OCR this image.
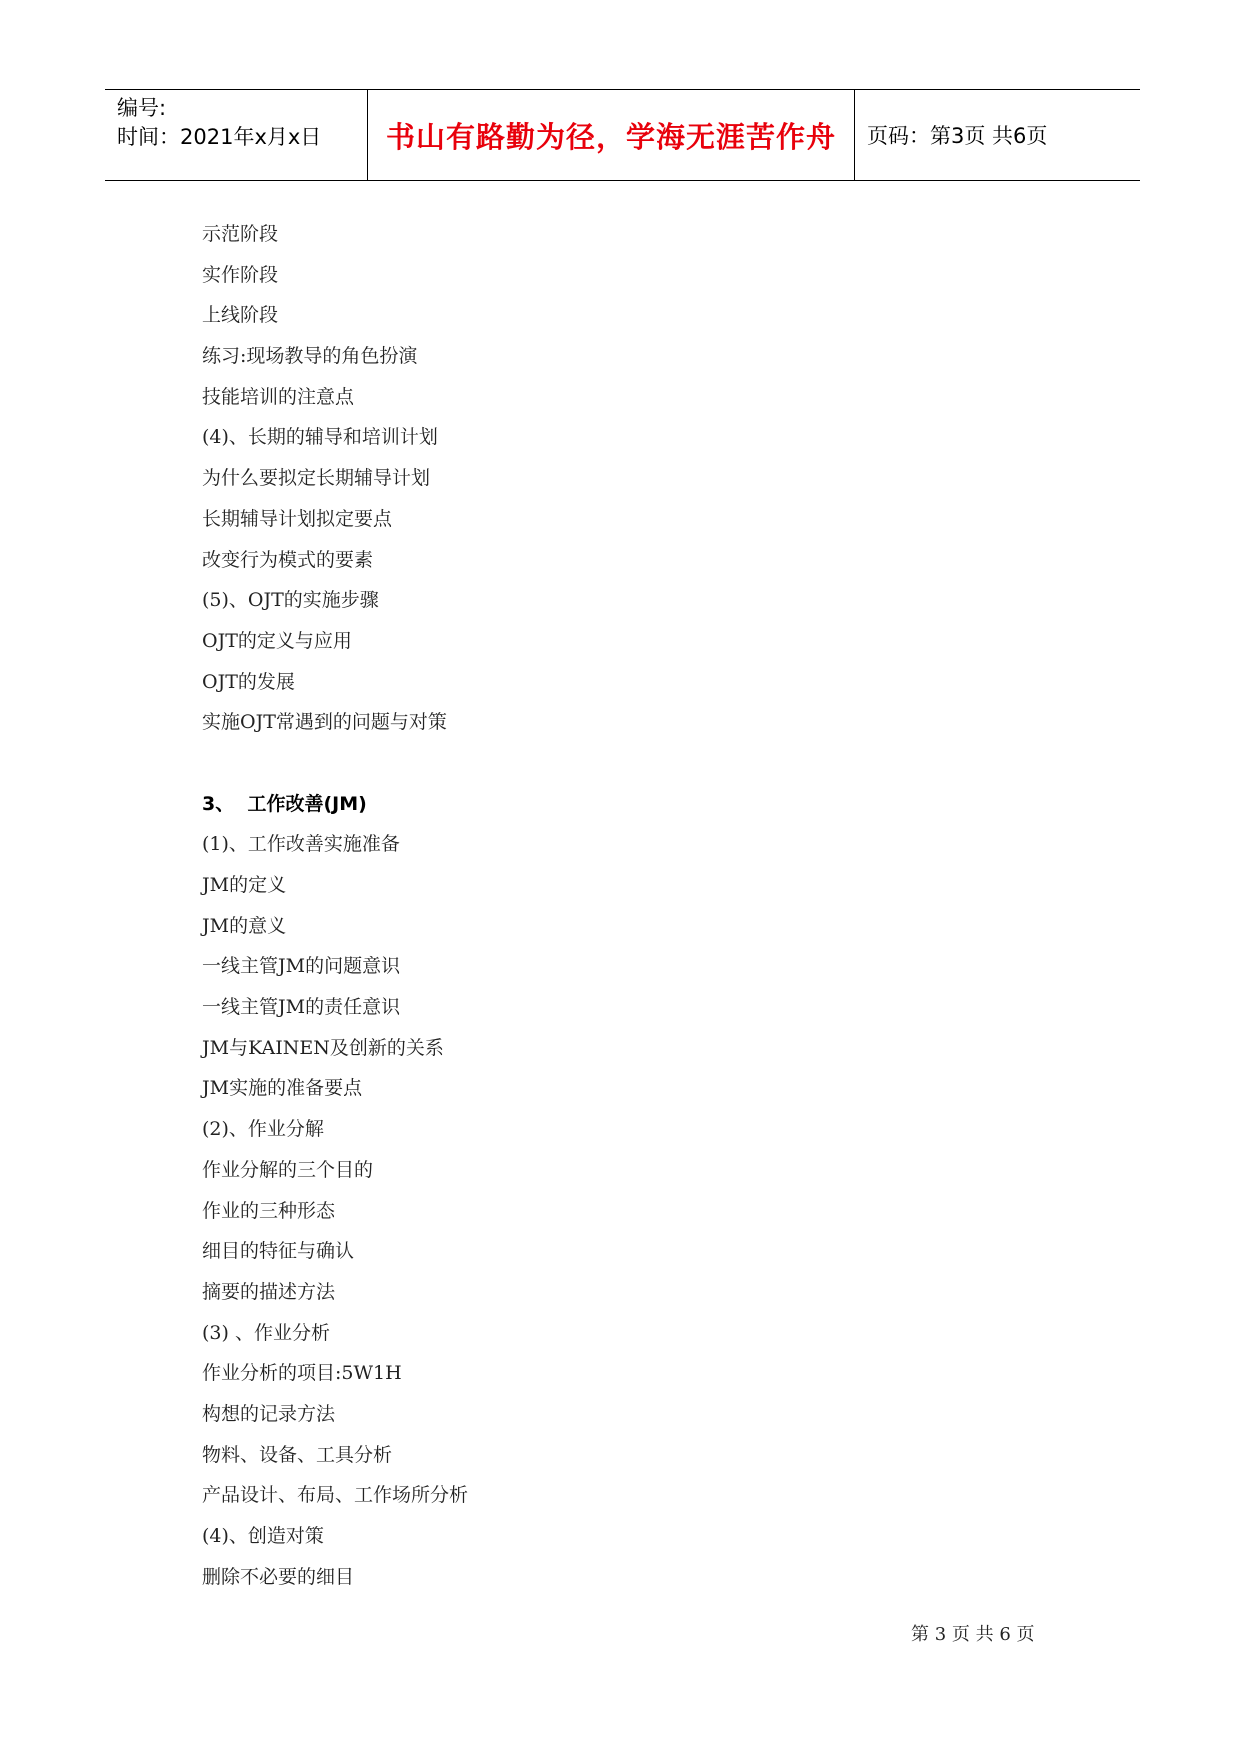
编号:
时间：2021年x月x日	书山有路勤为径，学海无涯苦作舟 页码：第3页 共6页
示范阶段
实作阶段
上线阶段
练习:现场教导的角色扮演
技能培训的注意点
(4)、长期的辅导和培训计划
为什么要拟定长期辅导计划
长期辅导计划拟定要点
改变行为模式的要素
(5)、OJT的实施步骤
OJT的定义与应用
OJT的发展
实施OJT常遇到的问题与对策
3、  工作改善(JM)
(1)、工作改善实施准备
JM的定义
JM的意义
一线主管JM的问题意识
一线主管JM的责任意识
JM与KAINEN及创新的关系
JM实施的准备要点
(2)、作业分解
作业分解的三个目的
作业的三种形态
细目的特征与确认
摘要的描述方法
(3) 、作业分析
作业分析的项目:5W1H
构想的记录方法
物料、设备、工具分析
产品设计、布局、工作场所分析
(4)、创造对策
删除不必要的细目
第 3 页 共 6 页
